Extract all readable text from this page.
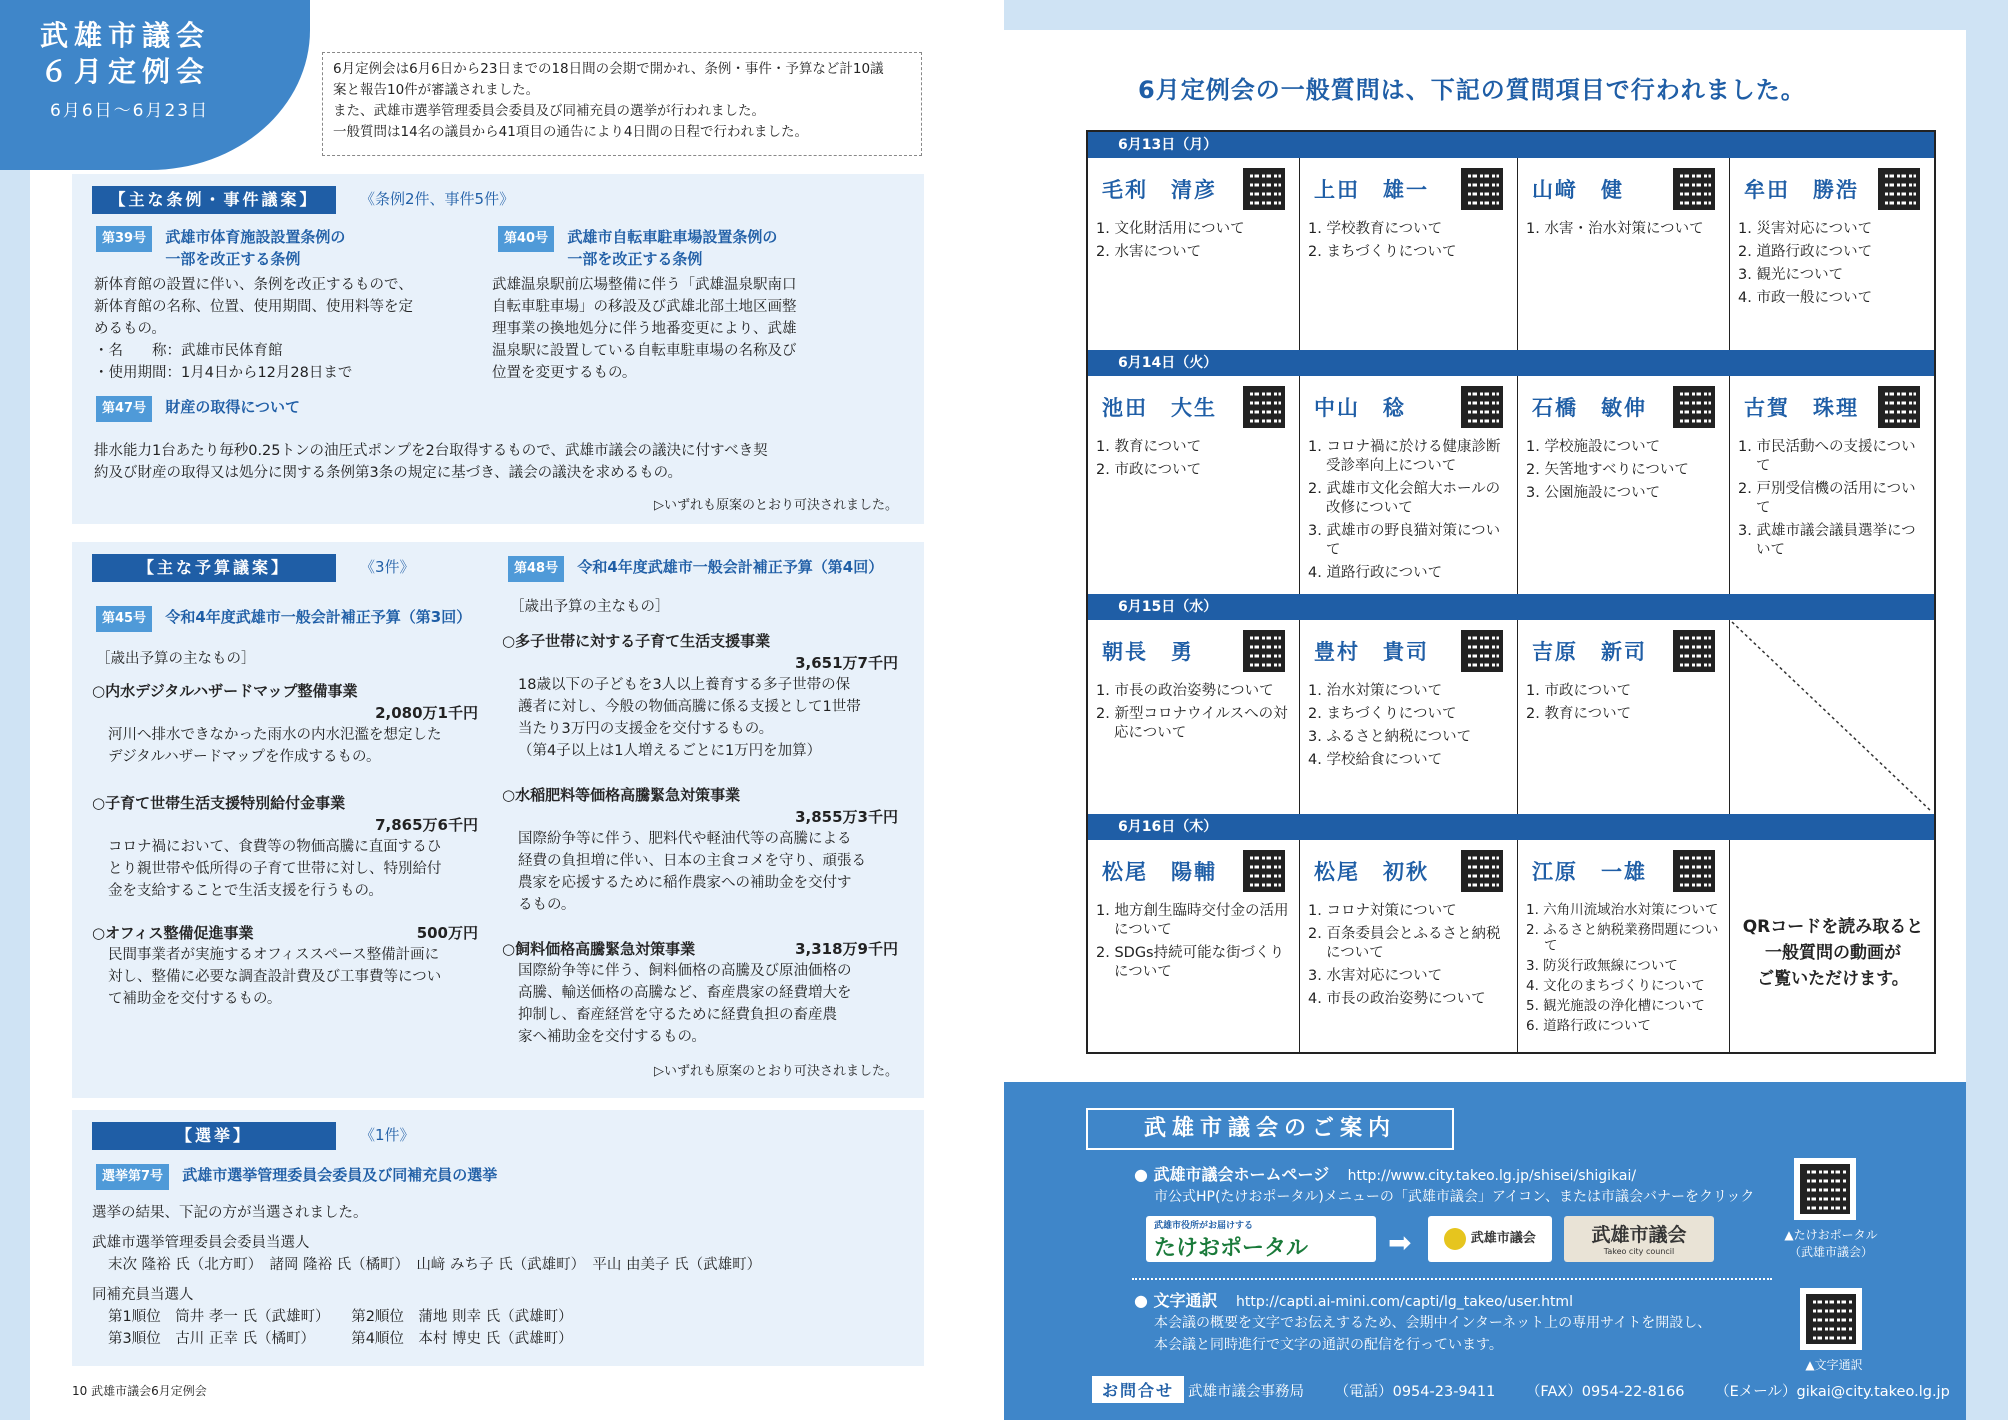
武雄市議会
６月定例会
6月6日～6月23日
6月定例会は6月6日から23日までの18日間の会期で開かれ、条例・事件・予算など計10議
案と報告10件が審議されました。
また、武雄市選挙管理委員会委員及び同補充員の選挙が行われました。
一般質問は14名の議員から41項目の通告により4日間の日程で行われました。
【主な条例・事件議案】	《条例2件、事件5件》
第39号 武雄市体育施設設置条例の
一部を改正する条例
新体育館の設置に伴い、条例を改正するもので、
新体育館の名称、位置、使用期間、使用料等を定
めるもの。
・名　　称：武雄市民体育館
・使用期間：1月4日から12月28日まで
第40号 武雄市自転車駐車場設置条例の
一部を改正する条例
武雄温泉駅前広場整備に伴う「武雄温泉駅南口
自転車駐車場」の移設及び武雄北部土地区画整
理事業の換地処分に伴う地番変更により、武雄
温泉駅に設置している自転車駐車場の名称及び
位置を変更するもの。
第47号 財産の取得について
排水能力1台あたり毎秒0.25トンの油圧式ポンプを2台取得するもので、武雄市議会の議決に付すべき契
約及び財産の取得又は処分に関する条例第3条の規定に基づき、議会の議決を求めるもの。
▷いずれも原案のとおり可決されました。
【主な予算議案】	《3件》
第45号 令和4年度武雄市一般会計補正予算（第3回）
［歳出予算の主なもの］
○内水デジタルハザードマップ整備事業
2,080万1千円
河川へ排水できなかった雨水の内水氾濫を想定した
デジタルハザードマップを作成するもの。
○子育て世帯生活支援特別給付金事業
7,865万6千円
コロナ禍において、食費等の物価高騰に直面するひ
とり親世帯や低所得の子育て世帯に対し、特別給付
金を支給することで生活支援を行うもの。
○オフィス整備促進事業	500万円
民間事業者が実施するオフィススペース整備計画に
対し、整備に必要な調査設計費及び工事費等につい
て補助金を交付するもの。
第48号 令和4年度武雄市一般会計補正予算（第4回）
［歳出予算の主なもの］
○多子世帯に対する子育て生活支援事業
3,651万7千円
18歳以下の子どもを3人以上養育する多子世帯の保
護者に対し、今般の物価高騰に係る支援として1世帯
当たり3万円の支援金を交付するもの。
（第4子以上は1人増えるごとに1万円を加算）
○水稲肥料等価格高騰緊急対策事業
3,855万3千円
国際紛争等に伴う、肥料代や軽油代等の高騰による
経費の負担増に伴い、日本の主食コメを守り、頑張る
農家を応援するために稲作農家への補助金を交付す
るもの。
○飼料価格高騰緊急対策事業	3,318万9千円
国際紛争等に伴う、飼料価格の高騰及び原油価格の
高騰、輸送価格の高騰など、畜産農家の経費増大を
抑制し、畜産経営を守るために経費負担の畜産農
家へ補助金を交付するもの。
▷いずれも原案のとおり可決されました。
【選挙】	《1件》
選挙第7号 武雄市選挙管理委員会委員及び同補充員の選挙
選挙の結果、下記の方が当選されました。
武雄市選挙管理委員会委員当選人
末次 隆裕 氏（北方町）　諸岡 隆裕 氏（橘町）　山﨑 みち子 氏（武雄町）　平山 由美子 氏（武雄町）
同補充員当選人
第1順位　筒井 孝一 氏（武雄町）　　第2順位　蒲地 則幸 氏（武雄町）
第3順位　古川 正幸 氏（橘町）　　　第4順位　本村 博史 氏（武雄町）
10 武雄市議会6月定例会
6月定例会の一般質問は、下記の質問項目で行われました。
6月13日（月）
毛利　清彦
1. 文化財活用について
2. 水害について
上田　雄一
1. 学校教育について
2. まちづくりについて
山﨑　健
1. 水害・治水対策について
牟田　勝浩
1. 災害対応について
2. 道路行政について
3. 観光について
4. 市政一般について
6月14日（火）
池田　大生
1. 教育について
2. 市政について
中山　稔
1. コロナ禍に於ける健康診断受診率向上について
2. 武雄市文化会館大ホールの改修について
3. 武雄市の野良猫対策について
4. 道路行政について
石橋　敏伸
1. 学校施設について
2. 矢筈地すべりについて
3. 公園施設について
古賀　珠理
1. 市民活動への支援について
2. 戸別受信機の活用について
3. 武雄市議会議員選挙について
6月15日（水）
朝長　勇
1. 市長の政治姿勢について
2. 新型コロナウイルスへの対応について
豊村　貴司
1. 治水対策について
2. まちづくりについて
3. ふるさと納税について
4. 学校給食について
吉原　新司
1. 市政について
2. 教育について
6月16日（木）
松尾　陽輔
1. 地方創生臨時交付金の活用について
2. SDGs持続可能な街づくりについて
松尾　初秋
1. コロナ対策について
2. 百条委員会とふるさと納税について
3. 水害対応について
4. 市長の政治姿勢について
江原　一雄
1. 六角川流域治水対策について
2. ふるさと納税業務問題について
3. 防災行政無線について
4. 文化のまちづくりについて
5. 観光施設の浄化槽について
6. 道路行政について
QRコードを読み取ると
一般質問の動画が
ご覧いただけます。
武雄市議会のご案内
● 武雄市議会ホームページ http://www.city.takeo.lg.jp/shisei/shigikai/
市公式HP(たけおポータル)メニューの「武雄市議会」アイコン、または市議会バナーをクリック
武雄市役所がお届けする
たけおポータル	➡	武雄市議会	武雄市議会
Takeo city council
▲たけおポータル
（武雄市議会）
● 文字通訳 http://capti.ai-mini.com/capti/lg_takeo/user.html
本会議の概要を文字でお伝えするため、会期中インターネット上の専用サイトを開設し、
本会議と同時進行で文字の通訳の配信を行っています。
▲文字通訳
お問合せ 武雄市議会事務局 （電話）0954-23-9411 （FAX）0954-22-8166 （Eメール）gikai@city.takeo.lg.jp
